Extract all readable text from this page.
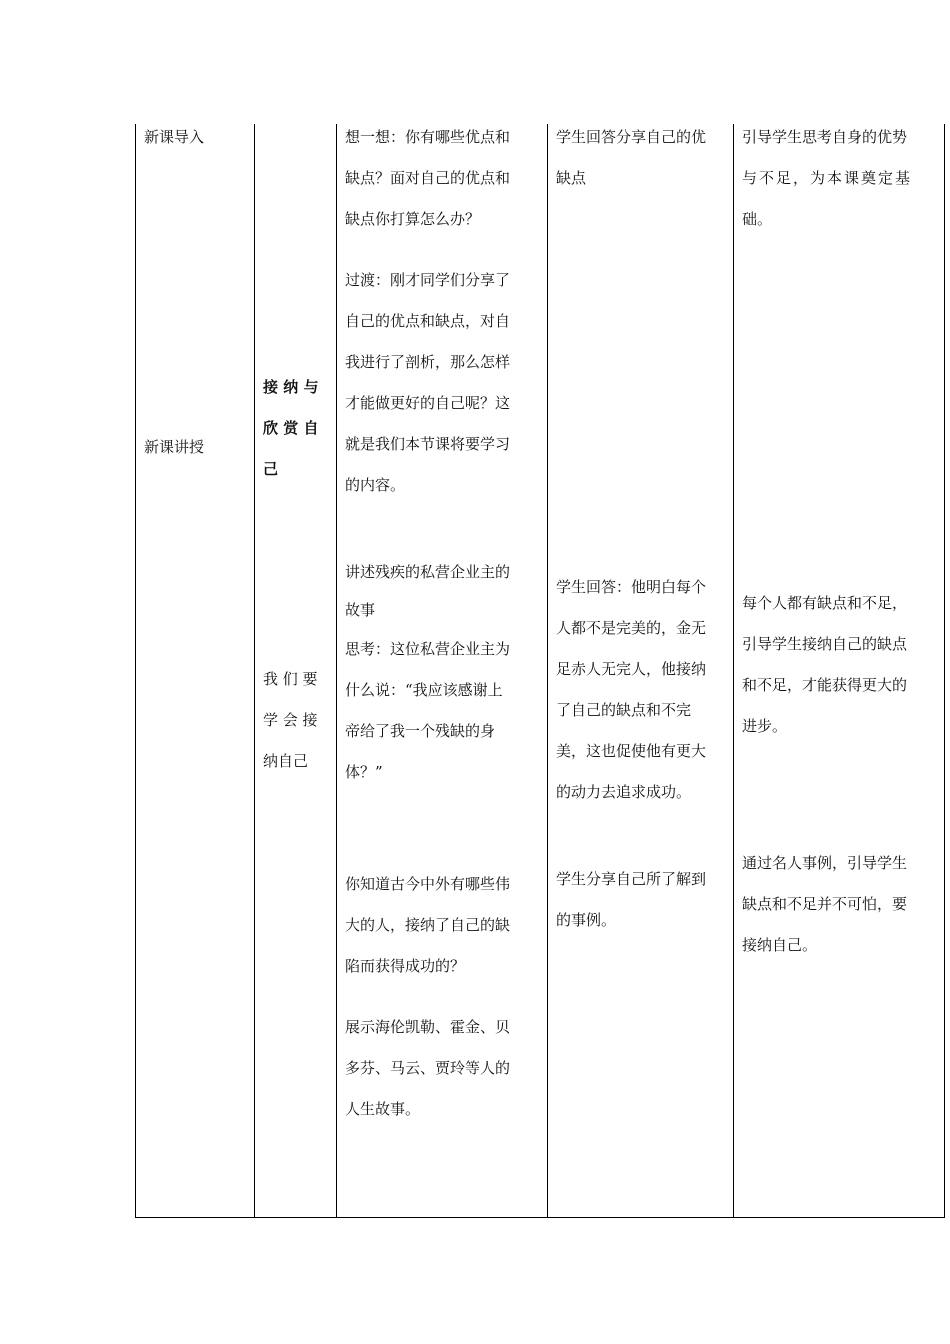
新课导入
新课讲授
接 纳 与
欣 赏 自
己
我 们 要
学 会 接
纳自己
想一想：你有哪些优点和
缺点？面对自己的优点和
缺点你打算怎么办？
过渡：刚才同学们分享了
自己的优点和缺点，对自
我进行了剖析，那么怎样
才能做更好的自己呢？这
就是我们本节课将要学习
的内容。
讲述残疾的私营企业主的
故事
思考：这位私营企业主为
什么说：“我应该感谢上
帝给了我一个残缺的身
体？”
你知道古今中外有哪些伟
大的人，接纳了自己的缺
陷而获得成功的？
展示海伦凯勒、霍金、贝
多芬、马云、贾玲等人的
人生故事。
学生回答分享自己的优
缺点
学生回答：他明白每个
人都不是完美的，金无
足赤人无完人，他接纳
了自己的缺点和不完
美，这也促使他有更大
的动力去追求成功。
学生分享自己所了解到
的事例。
引导学生思考自身的优势
与不足，为本课奠定基
础。
每个人都有缺点和不足，
引导学生接纳自己的缺点
和不足，才能获得更大的
进步。
通过名人事例，引导学生
缺点和不足并不可怕，要
接纳自己。
